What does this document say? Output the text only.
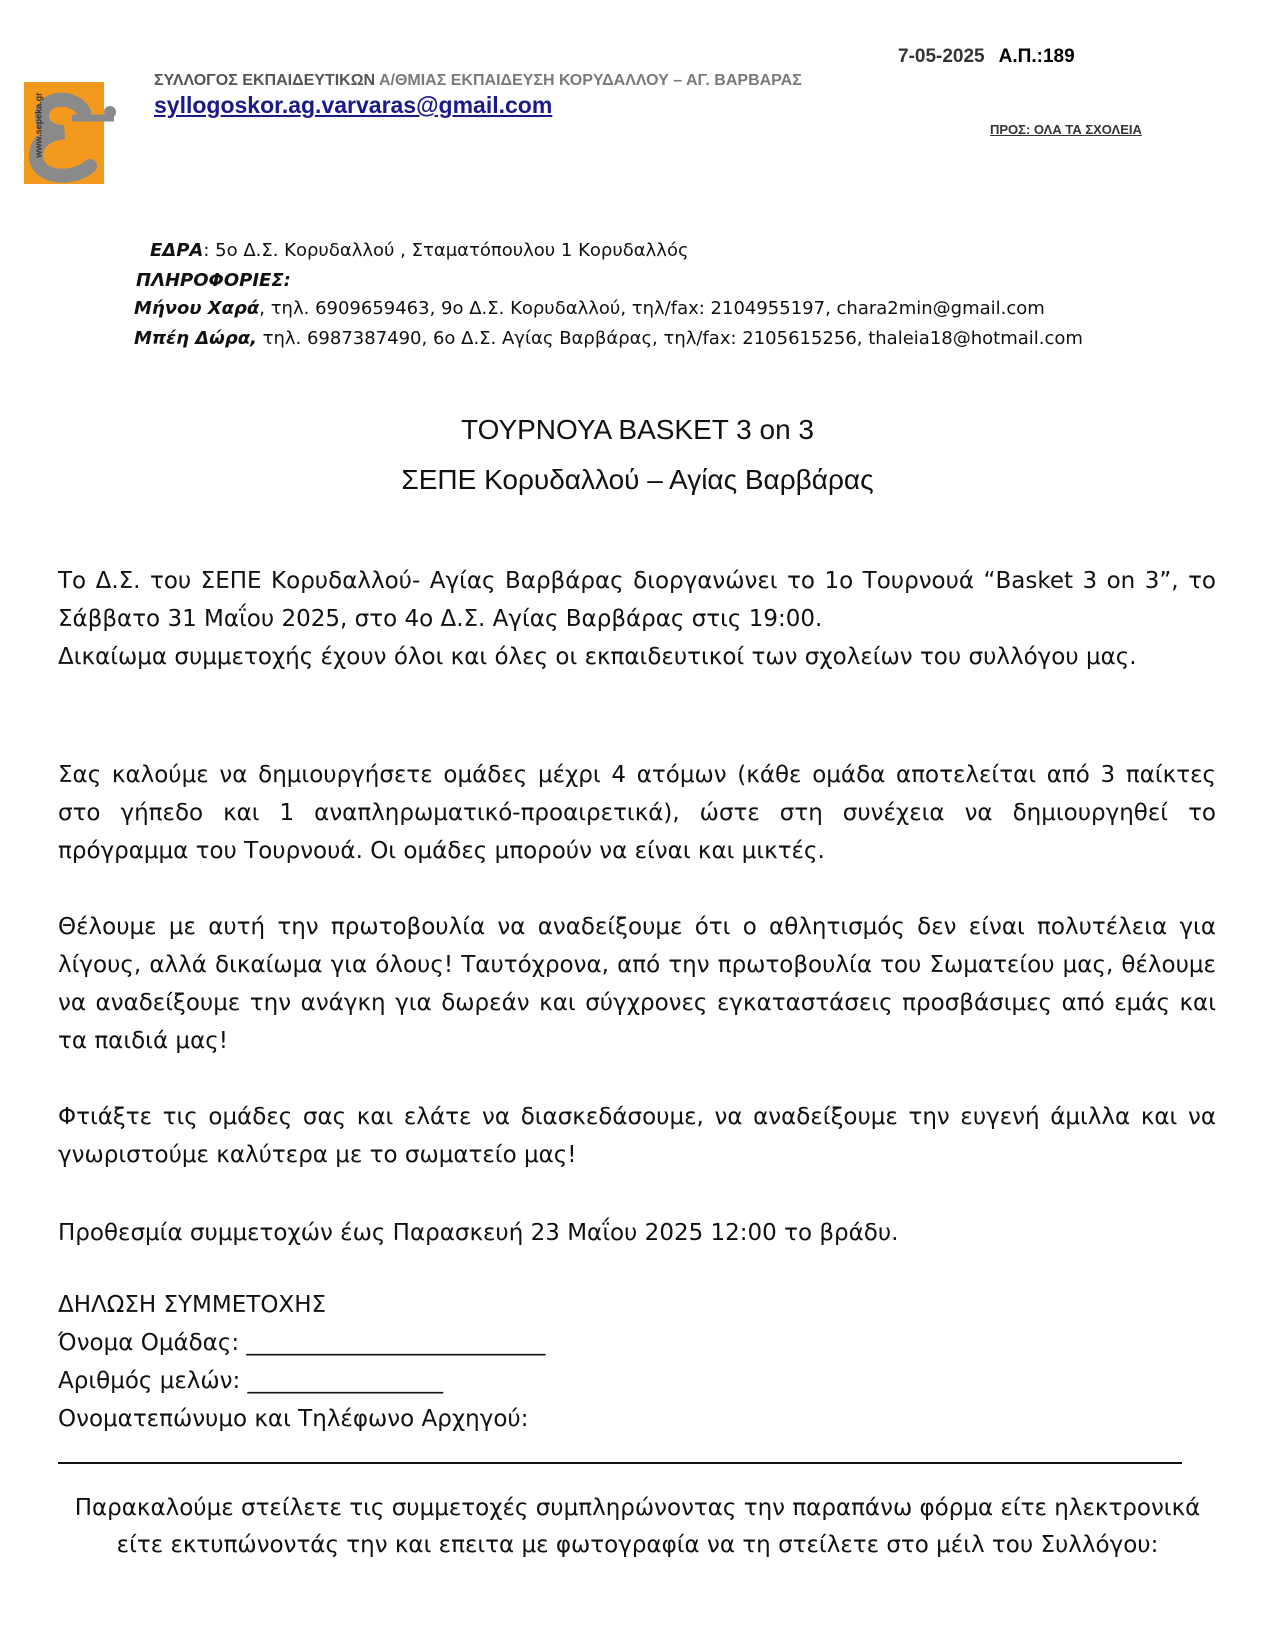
www.sepeka.gr
7-05-2025 Α.Π.:189
ΣΥΛΛΟΓΟΣ ΕΚΠΑΙΔΕΥΤΙΚΩΝ Α/ΘΜΙΑΣ ΕΚΠΑΙΔΕΥΣΗ ΚΟΡΥΔΑΛΛΟΥ – ΑΓ. ΒΑΡΒΑΡΑΣ
syllogoskor.ag.varvaras@gmail.com
ΠΡΟΣ: ΟΛΑ ΤΑ ΣΧΟΛΕΙΑ
ΕΔΡΑ: 5ο Δ.Σ. Κορυδαλλού , Σταματόπουλου 1 Κορυδαλλός
ΠΛΗΡΟΦΟΡΙΕΣ:
Μήνου Χαρά, τηλ. 6909659463, 9ο Δ.Σ. Κορυδαλλού, τηλ/fax: 2104955197, chara2min@gmail.com
Μπέη Δώρα, τηλ. 6987387490, 6ο Δ.Σ. Αγίας Βαρβάρας, τηλ/fax: 2105615256, thaleia18@hotmail.com
ΤΟΥΡΝΟΥΑ BASKET 3 on 3
ΣΕΠΕ Κορυδαλλού – Αγίας Βαρβάρας
Το Δ.Σ. του ΣΕΠΕ Κορυδαλλού- Αγίας Βαρβάρας διοργανώνει το 1ο Τουρνουά “Basket 3 on 3”, το Σάββατο 31 Μαΐου 2025, στο 4ο Δ.Σ. Αγίας Βαρβάρας στις 19:00.
Δικαίωμα συμμετοχής έχουν όλοι και όλες οι εκπαιδευτικοί των σχολείων του συλλόγου μας.
Σας καλούμε να δημιουργήσετε ομάδες μέχρι 4 ατόμων (κάθε ομάδα αποτελείται από 3 παίκτες στο γήπεδο και 1 αναπληρωματικό-προαιρετικά), ώστε στη συνέχεια να δημιουργηθεί το πρόγραμμα του Τουρνουά. Οι ομάδες μπορούν να είναι και μικτές.
Θέλουμε με αυτή την πρωτοβουλία να αναδείξουμε ότι ο αθλητισμός δεν είναι πολυτέλεια για λίγους, αλλά δικαίωμα για όλους! Ταυτόχρονα, από την πρωτοβουλία του Σωματείου μας, θέλουμε να αναδείξουμε την ανάγκη για δωρεάν και σύγχρονες εγκαταστάσεις προσβάσιμες από εμάς και τα παιδιά μας!
Φτιάξτε τις ομάδες σας και ελάτε να διασκεδάσουμε, να αναδείξουμε την ευγενή άμιλλα και να γνωριστούμε καλύτερα με το σωματείο μας!
Προθεσμία συμμετοχών έως Παρασκευή 23 Μαΐου 2025 12:00 το βράδυ.
ΔΗΛΩΣΗ ΣΥΜΜΕΤΟΧΗΣ
Όνομα Ομάδας: __________________________
Αριθμός μελών: _________________
Ονοματεπώνυμο και Τηλέφωνο Αρχηγού:
Παρακαλούμε στείλετε τις συμμετοχές συμπληρώνοντας την παραπάνω φόρμα είτε ηλεκτρονικά
είτε εκτυπώνοντάς την και επειτα με φωτογραφία να τη στείλετε στο μέιλ του Συλλόγου:
